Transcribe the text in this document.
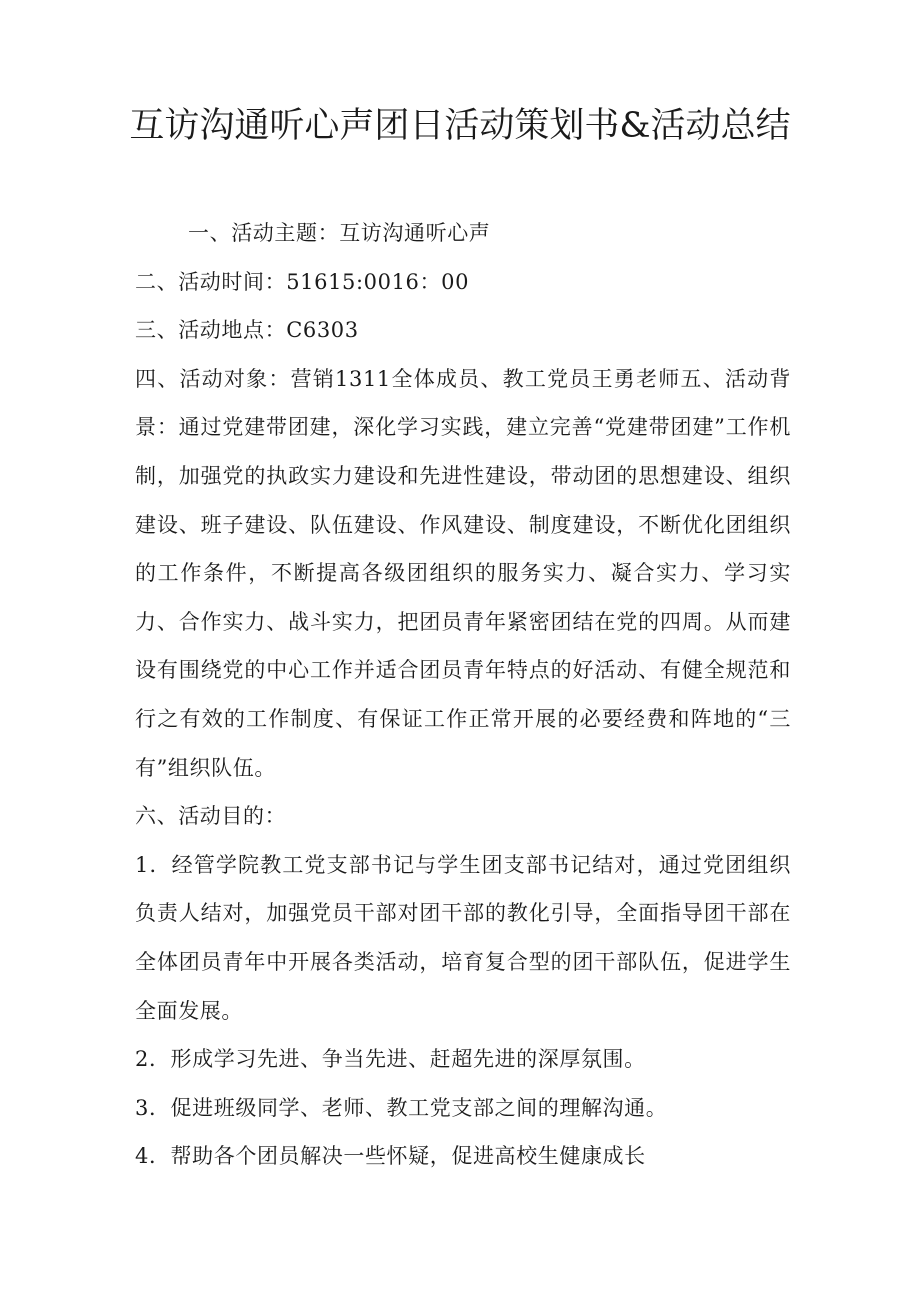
互访沟通听心声团日活动策划书&活动总结

一、活动主题：互访沟通听心声

二、活动时间：51615:0016：00

三、活动地点：C6303

四、活动对象：营销1311全体成员、教工党员王勇老师五、活动背景：通过党建带团建，深化学习实践，建立完善“党建带团建”工作机制，加强党的执政实力建设和先进性建设，带动团的思想建设、组织建设、班子建设、队伍建设、作风建设、制度建设，不断优化团组织的工作条件，不断提高各级团组织的服务实力、凝合实力、学习实力、合作实力、战斗实力，把团员青年紧密团结在党的四周。从而建设有围绕党的中心工作并适合团员青年特点的好活动、有健全规范和行之有效的工作制度、有保证工作正常开展的必要经费和阵地的“三有”组织队伍。

六、活动目的：

1．经管学院教工党支部书记与学生团支部书记结对，通过党团组织负责人结对，加强党员干部对团干部的教化引导，全面指导团干部在全体团员青年中开展各类活动，培育复合型的团干部队伍，促进学生全面发展。

2．形成学习先进、争当先进、赶超先进的深厚氛围。

3．促进班级同学、老师、教工党支部之间的理解沟通。

4．帮助各个团员解决一些怀疑，促进高校生健康成长
